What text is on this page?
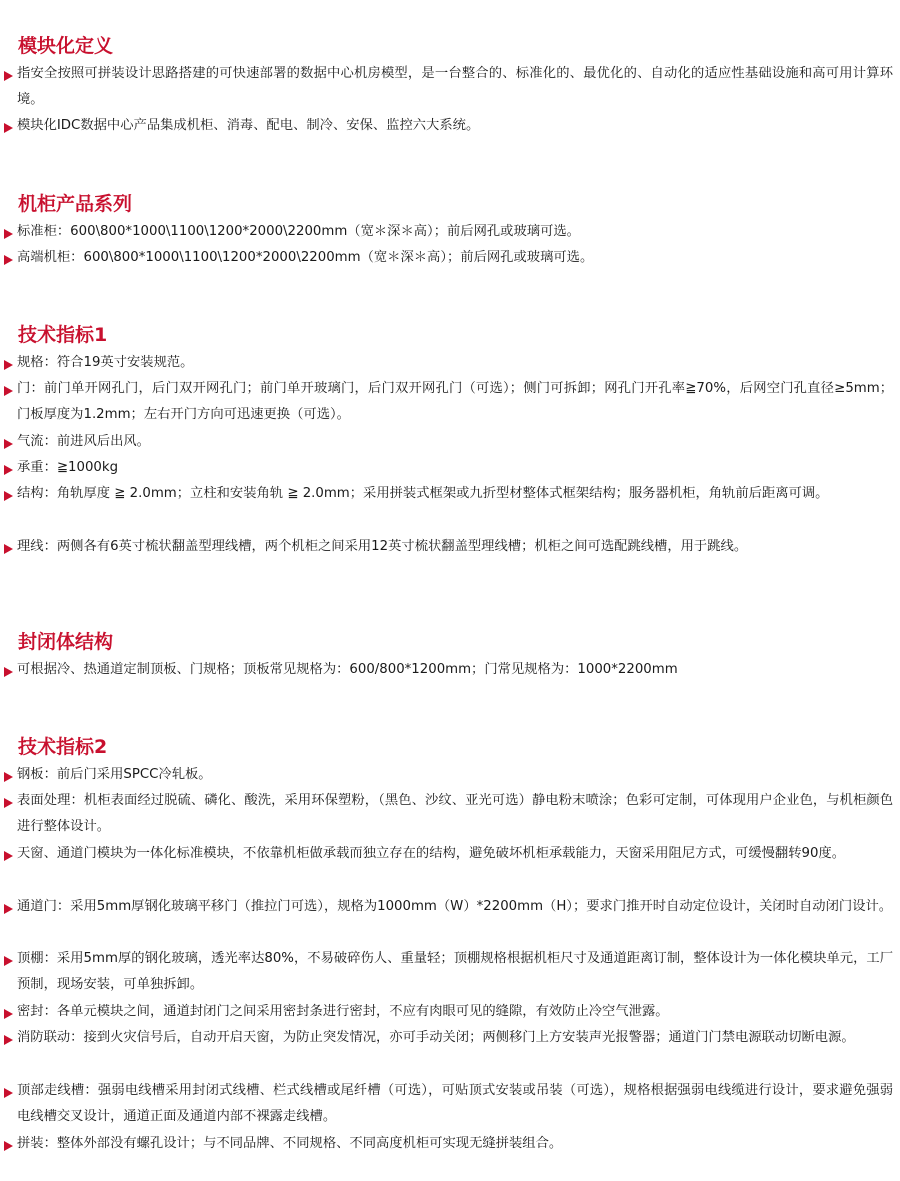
模块化定义

指安全按照可拼装设计思路搭建的可快速部署的数据中心机房模型，是一台整合的、标准化的、最优化的、自动化的适应性基础设施和高可用计算环境。

模块化IDC数据中心产品集成机柜、消毒、配电、制冷、安保、监控六大系统。

机柜产品系列

标准柜：600\800*1000\1100\1200*2000\2200mm（宽＊深＊高）；前后网孔或玻璃可选。

高端机柜：600\800*1000\1100\1200*2000\2200mm（宽＊深＊高）；前后网孔或玻璃可选。

技术指标1

规格：符合19英寸安装规范。

门：前门单开网孔门，后门双开网孔门；前门单开玻璃门，后门双开网孔门（可选）；侧门可拆卸；网孔门开孔率≧70%，后网空门孔直径≥5mm；门板厚度为1.2mm；左右开门方向可迅速更换（可选）。

气流：前进风后出风。

承重：≧1000kg

结构：角轨厚度 ≧ 2.0mm；立柱和安装角轨 ≧ 2.0mm；采用拼装式框架或九折型材整体式框架结构；服务器机柜，角轨前后距离可调。

理线：两侧各有6英寸梳状翻盖型理线槽，两个机柜之间采用12英寸梳状翻盖型理线槽；机柜之间可选配跳线槽，用于跳线。

封闭体结构

可根据冷、热通道定制顶板、门规格；顶板常见规格为：600/800*1200mm；门常见规格为：1000*2200mm

技术指标2

钢板：前后门采用SPCC冷轧板。

表面处理：机柜表面经过脱硫、磷化、酸洗，采用环保塑粉，（黑色、沙纹、亚光可选）静电粉末喷涂；色彩可定制，可体现用户企业色，与机柜颜色进行整体设计。

天窗、通道门模块为一体化标准模块，不依靠机柜做承载而独立存在的结构，避免破坏机柜承载能力，天窗采用阻尼方式，可缓慢翻转90度。

通道门：采用5mm厚钢化玻璃平移门（推拉门可选），规格为1000mm（W）*2200mm（H）；要求门推开时自动定位设计，关闭时自动闭门设计。

顶棚：采用5mm厚的钢化玻璃，透光率达80%，不易破碎伤人、重量轻；顶棚规格根据机柜尺寸及通道距离订制，整体设计为一体化模块单元，工厂预制，现场安装，可单独拆卸。

密封：各单元模块之间，通道封闭门之间采用密封条进行密封，不应有肉眼可见的缝隙，有效防止冷空气泄露。

消防联动：接到火灾信号后，自动开启天窗，为防止突发情况，亦可手动关闭；两侧移门上方安装声光报警器；通道门门禁电源联动切断电源。

顶部走线槽：强弱电线槽采用封闭式线槽、栏式线槽或尾纤槽（可选），可贴顶式安装或吊装（可选），规格根据强弱电线缆进行设计，要求避免强弱电线槽交叉设计，通道正面及通道内部不裸露走线槽。

拼装：整体外部没有螺孔设计；与不同品牌、不同规格、不同高度机柜可实现无缝拼装组合。
